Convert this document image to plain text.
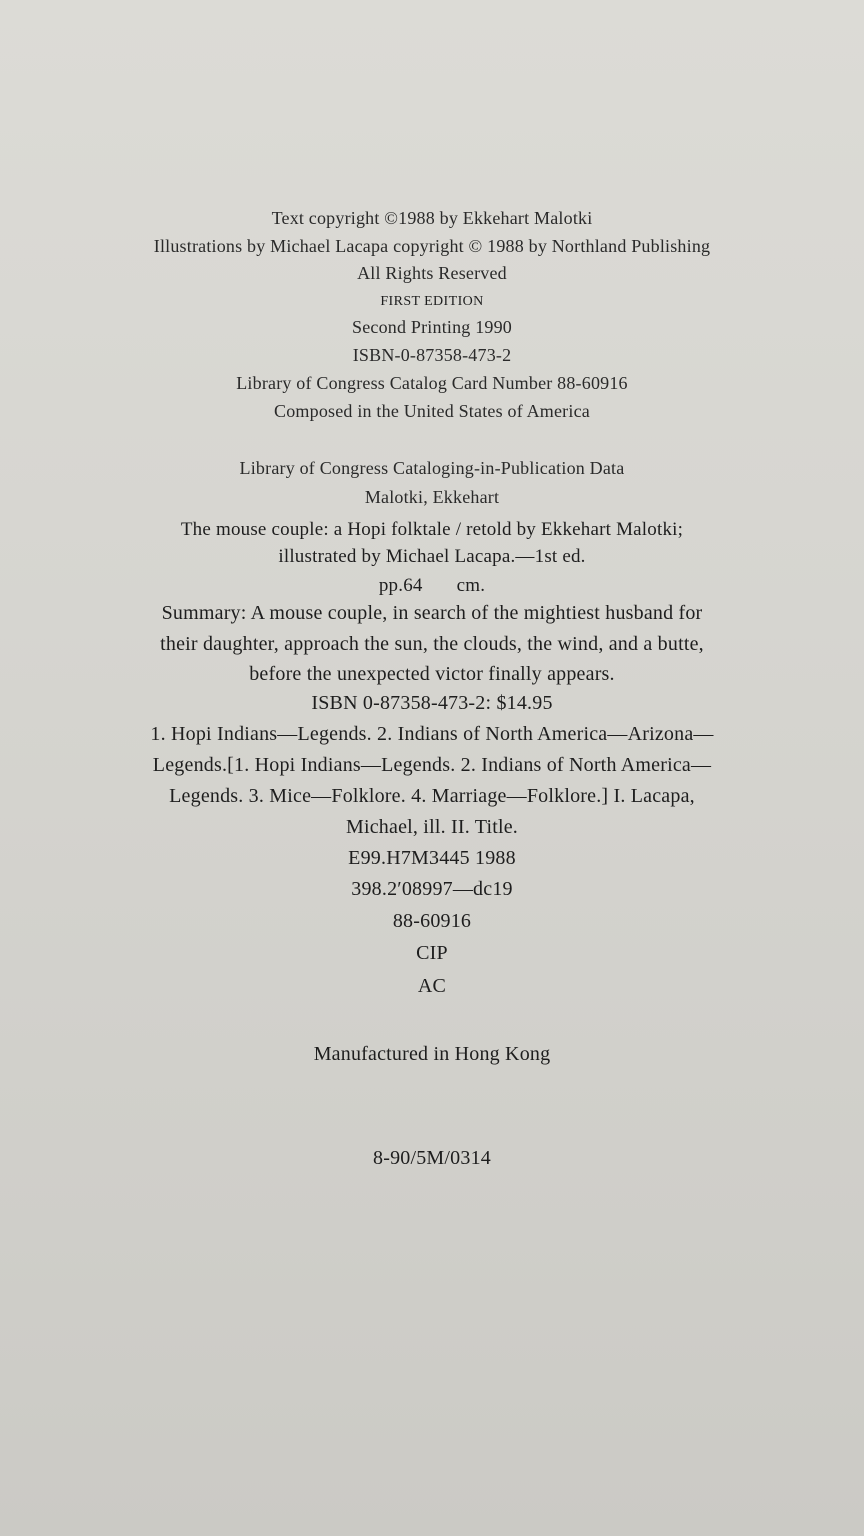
Text copyright ©1988 by Ekkehart Malotki
Illustrations by Michael Lacapa copyright © 1988 by Northland Publishing
All Rights Reserved
FIRST EDITION
Second Printing 1990
ISBN-0-87358-473-2
Library of Congress Catalog Card Number 88-60916
Composed in the United States of America
Library of Congress Cataloging-in-Publication Data
Malotki, Ekkehart
The mouse couple: a Hopi folktale / retold by Ekkehart Malotki;
illustrated by Michael Lacapa.—1st ed.
pp.64 cm.
Summary: A mouse couple, in search of the mightiest husband for
their daughter, approach the sun, the clouds, the wind, and a butte,
before the unexpected victor finally appears.
ISBN 0-87358-473-2: $14.95
1. Hopi Indians—Legends. 2. Indians of North America—Arizona—
Legends.[1. Hopi Indians—Legends. 2. Indians of North America—
Legends. 3. Mice—Folklore. 4. Marriage—Folklore.] I. Lacapa,
Michael, ill. II. Title.
E99.H7M3445 1988
398.2′08997—dc19
88-60916
CIP
AC
Manufactured in Hong Kong
8-90/5M/0314
